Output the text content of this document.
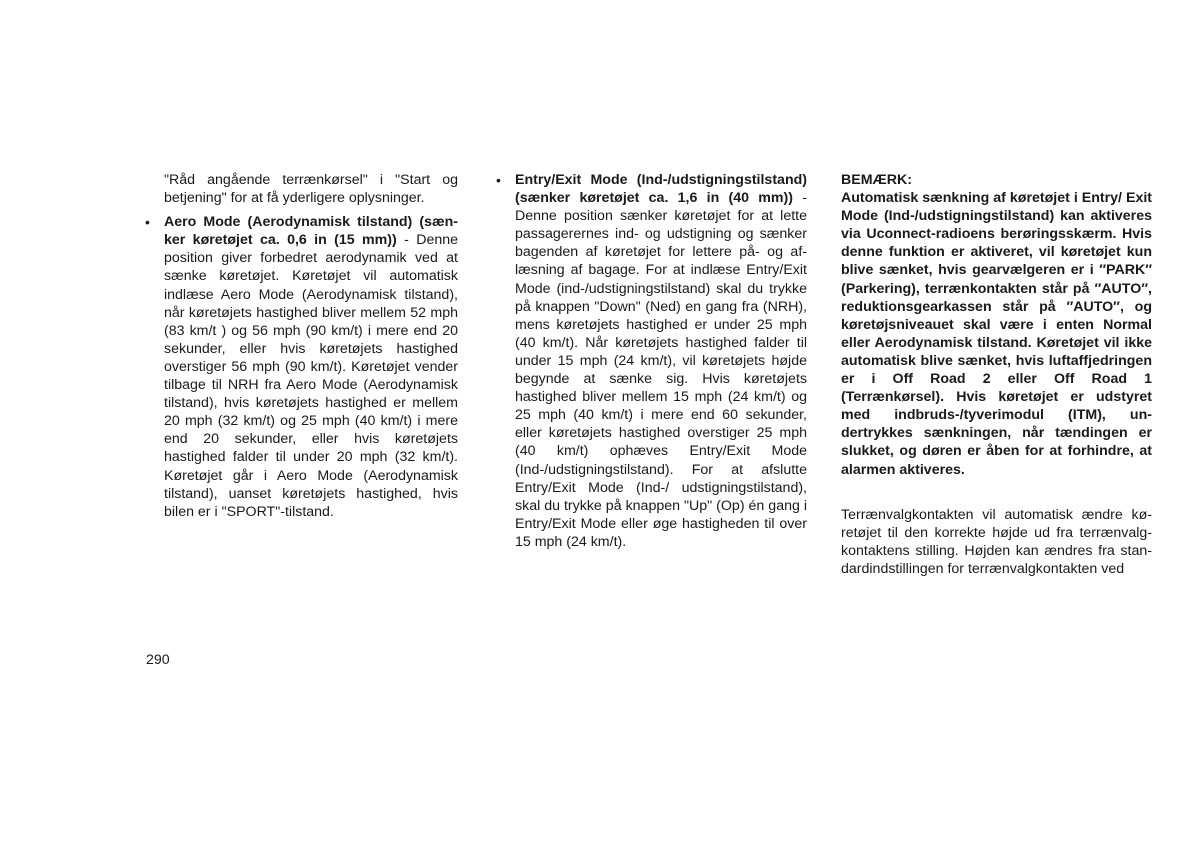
"Råd angående terrænkørsel" i "Start og betjening" for at få yderligere oplysninger.

• Aero Mode (Aerodynamisk tilstand) (sænker køretøjet ca. 0,6 in (15 mm)) - Denne position giver forbedret aerodynamik ved at sænke køretøjet. Køretøjet vil automatisk indlæse Aero Mode (Aerodynamisk tilstand), når køretøjets hastighed bliver mellem 52 mph (83 km/t ) og 56 mph (90 km/t) i mere end 20 sekunder, eller hvis køretøjets hastighed overstiger 56 mph (90 km/t). Køretøjet vender tilbage til NRH fra Aero Mode (Aerodynamisk tilstand), hvis køretøjets hastighed er mellem 20 mph (32 km/t) og 25 mph (40 km/t) i mere end 20 sekunder, eller hvis køretøjets hastighed falder til under 20 mph (32 km/t). Køretøjet går i Aero Mode (Aerodynamisk tilstand), uanset køretøjets hastighed, hvis bilen er i "SPORT"-tilstand.

• Entry/Exit Mode (Ind-/udstigningstilstand) (sænker køretøjet ca. 1,6 in (40 mm)) - Denne position sænker køretøjet for at lette passagerernes ind- og udstigning og sænker bagenden af køretøjet for lettere på- og aflæsning af bagage. For at indlæse Entry/Exit Mode (ind-/udstigningstilstand) skal du trykke på knappen "Down" (Ned) en gang fra (NRH), mens køretøjets hastighed er under 25 mph (40 km/t). Når køretøjets hastighed falder til under 15 mph (24 km/t), vil køretøjets højde begynde at sænke sig. Hvis køretøjets hastighed bliver mellem 15 mph (24 km/t) og 25 mph (40 km/t) i mere end 60 sekunder, eller køretøjets hastighed overstiger 25 mph (40 km/t) ophæves Entry/Exit Mode (Ind-/udstigningstilstand). For at afslutte Entry/Exit Mode (Ind-/ udstigningstilstand), skal du trykke på knappen "Up" (Op) én gang i Entry/Exit Mode eller øge hastigheden til over 15 mph (24 km/t).

BEMÆRK:

Automatisk sænkning af køretøjet i Entry/ Exit Mode (Ind-/udstigningstilstand) kan aktiveres via Uconnect-radioens berøringsskærm. Hvis denne funktion er aktiveret, vil køretøjet kun blive sænket, hvis gearvælgeren er i ″PARK″ (Parkering), terrænkontakten står på ″AUTO″, reduktionsgearkassen står på ″AUTO″, og køretøjsniveauet skal være i enten Normal eller Aerodynamisk tilstand. Køretøjet vil ikke automatisk blive sænket, hvis luftaffjedringen er i Off Road 2 eller Off Road 1 (Terrænkørsel). Hvis køretøjet er udstyret med indbruds-/tyverimodul (ITM), undertrykkes sænkningen, når tændingen er slukket, og døren er åben for at forhindre, at alarmen aktiveres.

Terrænvalgkontakten vil automatisk ændre køretøjet til den korrekte højde ud fra terrænvalgkontaktens stilling. Højden kan ændres fra standardindstillingen for terrænvalgkontakten ved

290
